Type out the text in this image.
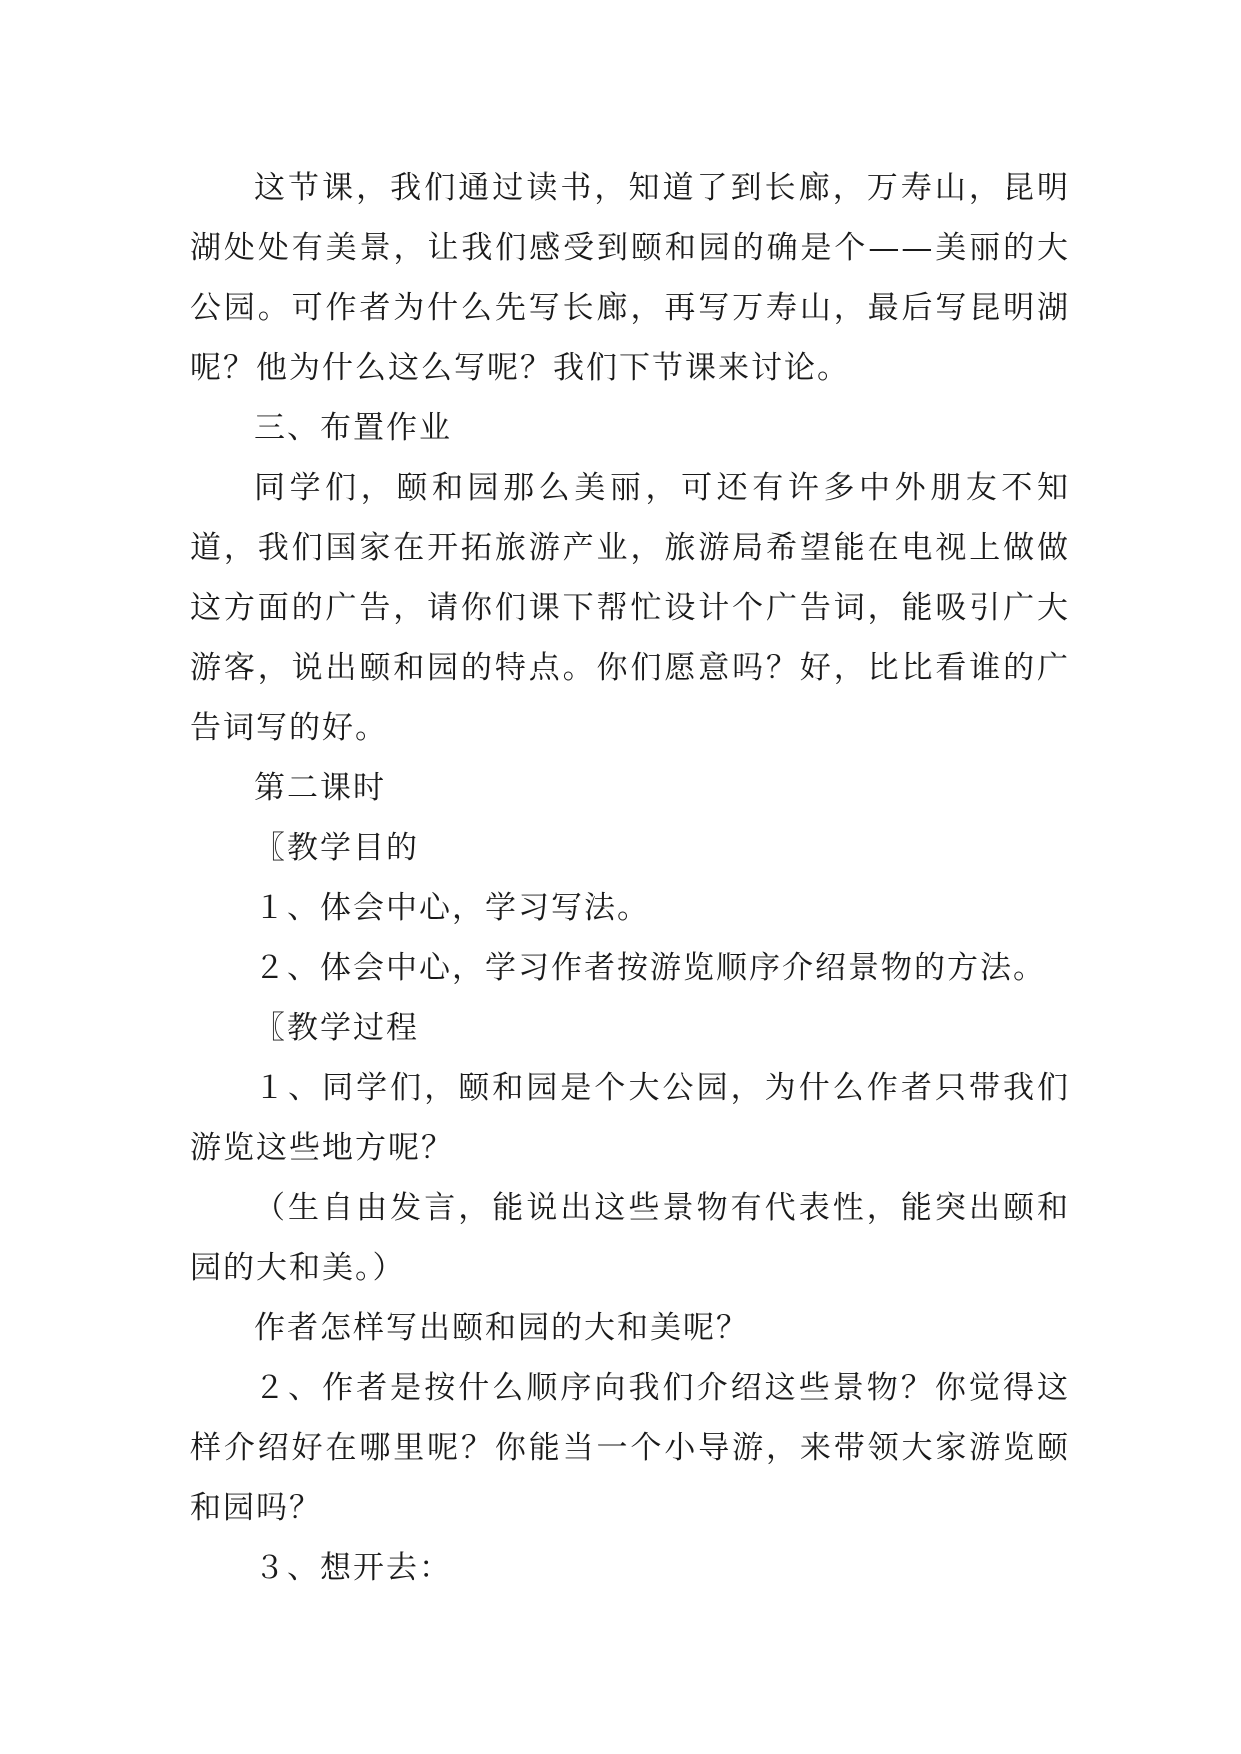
这节课，我们通过读书，知道了到长廊，万寿山，昆明湖处处有美景，让我们感受到颐和园的确是个——美丽的大公园。可作者为什么先写长廊，再写万寿山，最后写昆明湖呢？他为什么这么写呢？我们下节课来讨论。

三、布置作业

同学们，颐和园那么美丽，可还有许多中外朋友不知道，我们国家在开拓旅游产业，旅游局希望能在电视上做做这方面的广告，请你们课下帮忙设计个广告词，能吸引广大游客，说出颐和园的特点。你们愿意吗？好，比比看谁的广告词写的好。

第二课时

〖教学目的

１、体会中心，学习写法。

２、体会中心，学习作者按游览顺序介绍景物的方法。

〖教学过程

１、同学们，颐和园是个大公园，为什么作者只带我们游览这些地方呢？

（生自由发言，能说出这些景物有代表性，能突出颐和园的大和美。）

作者怎样写出颐和园的大和美呢？

２、作者是按什么顺序向我们介绍这些景物？你觉得这样介绍好在哪里呢？你能当一个小导游，来带领大家游览颐和园吗？

３、想开去：
